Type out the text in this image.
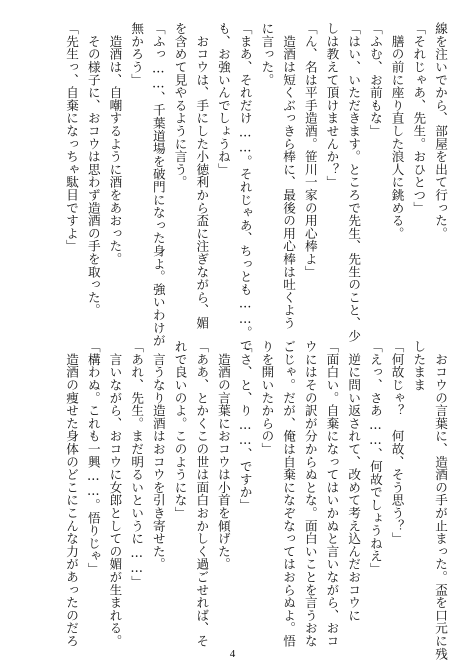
線を注いでから、部屋を出て行った。
「それじゃあ、先生。おひとつ」
　膳の前に座り直した浪人に銚める。
「ふむ、お前もな」
「はい、いただきます。ところで先生、先生のこと、少
しは教えて頂けませんか？」
「ん、名は平手造酒。笹川一家の用心棒よ」
　造酒は短くぶっきら棒に、最後の用心棒は吐くよう
に言った。
「まあ、それだけ……。それじゃあ、ちっとも……。で
も、お強いんでしょうね」
　おコウは、手にした小徳利から盃に注ぎながら、媚
を含めて見やるように言う。
「ふっ……、千葉道場を破門になった身よ。強いわけが
無かろう」
　造酒は、自嘲するように酒をあおった。
　その様子に、おコウは思わず造酒の手を取った。
「先生っ、自棄になっちゃ駄目ですよ」
　おコウの言葉に、造酒の手が止まった。盃を口元に残
したまま
「何故じゃ？　何故、そう思う？」
「えっ、さあ……、何故でしょうねえ」
　逆に問い返されて、改めて考え込んだおコウに
「面白い。自棄になってはいかぬと言いながら、おコ
ウにはその訳が分からぬとな。面白いことを言うおな
ごじゃ。だが、俺は自棄になぞなってはおらぬよ。悟
りを開いたからの」
「さ、と、り……、ですか」
　造酒の言葉におコウは小首を傾げた。
「ああ、とかくこの世は面白おかしく過ごせれば、そ
れで良いのよ。このようにな」
　言うなり造酒はおコウを引き寄せた。
「あれ、先生。まだ明るいというに……」
　言いながら、おコウに女郎としての媚が生まれる。
「構わぬ。これも一興……。悟りじゃ」
　造酒の痩せた身体のどこにこんな力があったのだろ
4
